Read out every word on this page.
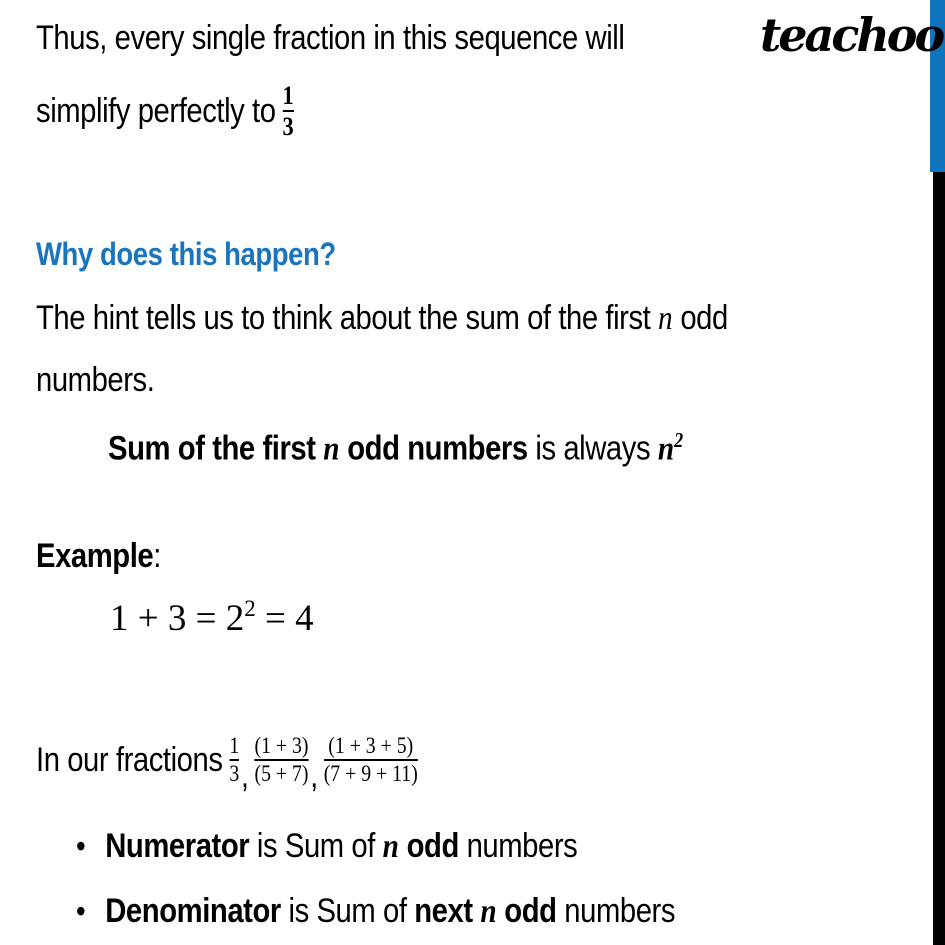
teachoo
Thus, every single fraction in this sequence will
simplify perfectly to $\frac{1}{3}$
Why does this happen?
The hint tells us to think about the sum of the first n odd
numbers.
Sum of the first n odd numbers is always $n^2$
Example:
$1 + 3 = 2^2 = 4$
In our fractions $\frac{1}{3}$ , $\frac{(1 + 3)}{(5 + 7)}$ , $\frac{(1 + 3 + 5)}{(7 + 9 + 11)}$
• Numerator is Sum of n odd numbers
• Denominator is Sum of next n odd numbers
